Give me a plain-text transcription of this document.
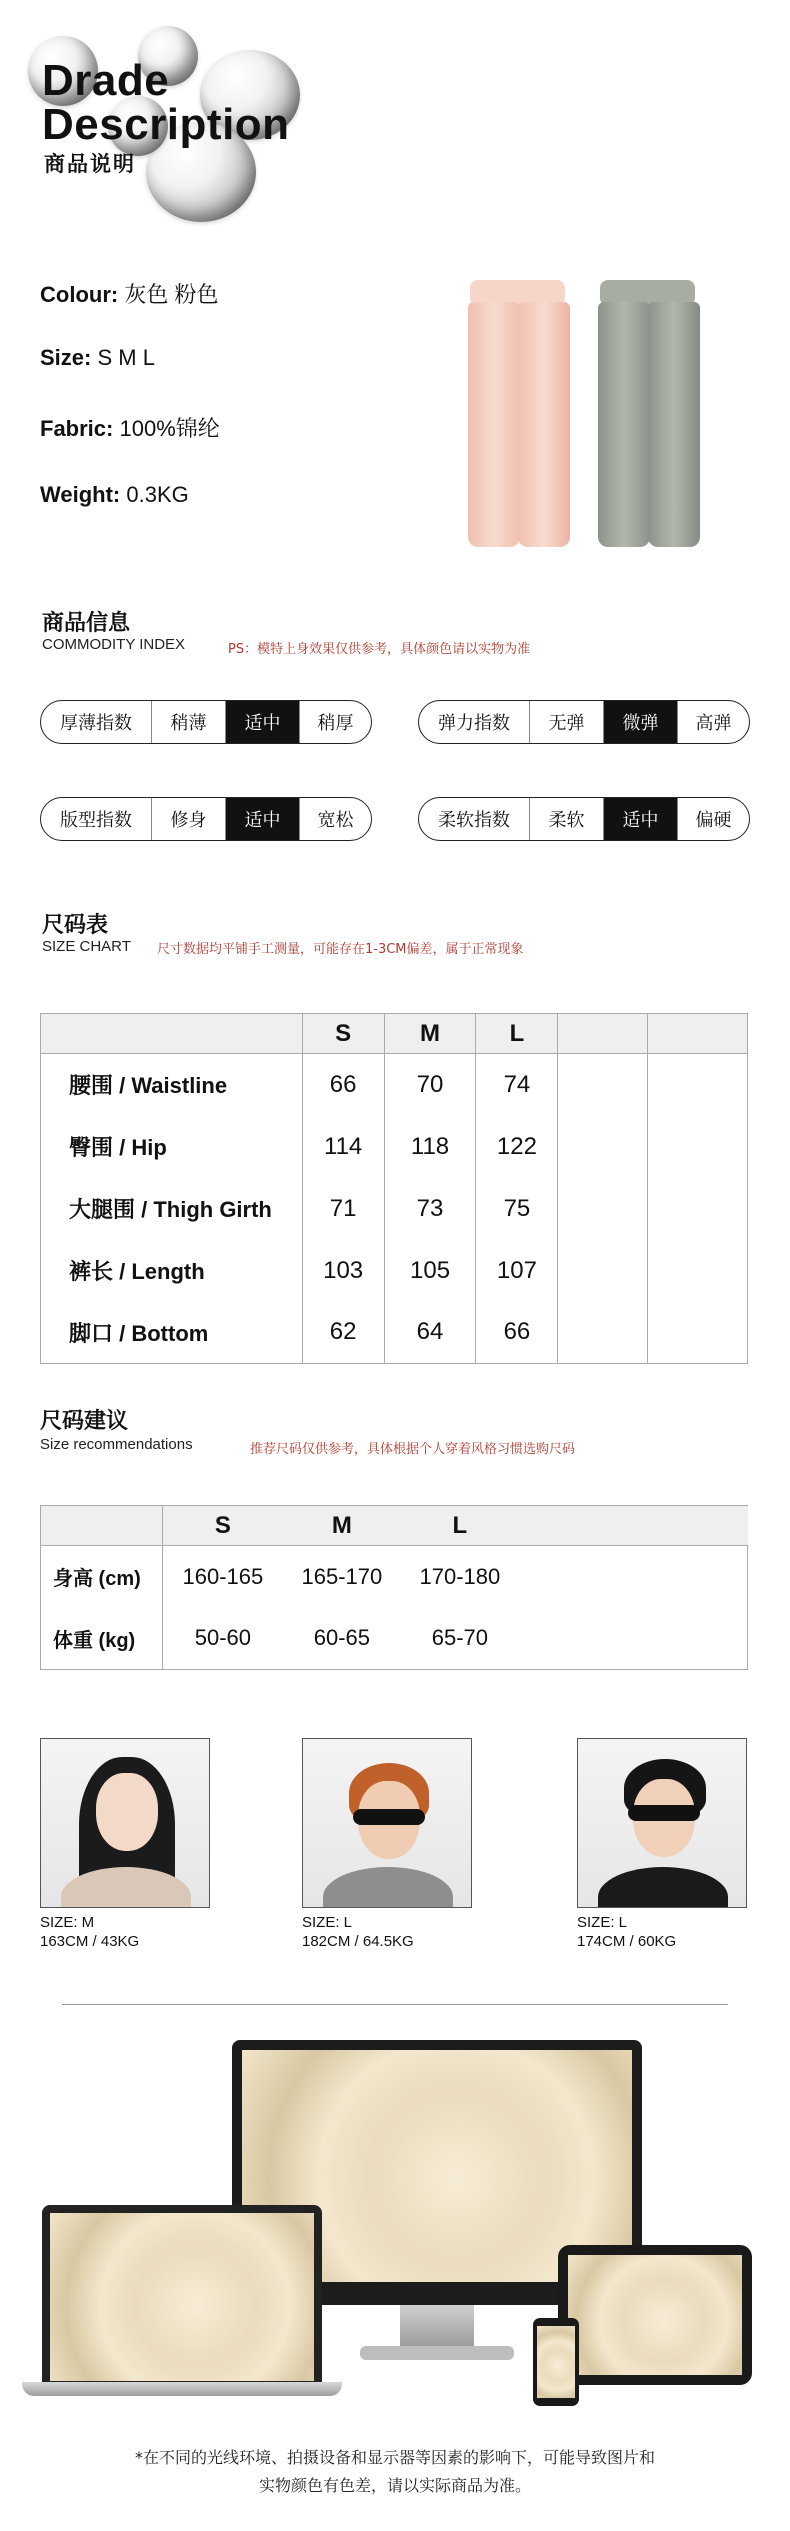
Drade
Description
商品说明
Colour: 灰色 粉色
Size: S M L
Fabric: 100%锦纶
Weight: 0.3KG
商品信息
COMMODITY INDEX	PS：模特上身效果仅供参考，具体颜色请以实物为准
厚薄指数	稍薄	适中	稍厚	弹力指数	无弹	微弹	高弹
版型指数	修身	适中	宽松	柔软指数	柔软	适中	偏硬
尺码表
SIZE CHART 尺寸数据均平铺手工测量，可能存在1-3CM偏差，属于正常现象
	S	M	L		
腰围 / Waistline	66	70	74		
臀围 / Hip	114	118	122		
大腿围 / Thigh Girth	71	73	75		
裤长 / Length	103	105	107		
脚口 / Bottom	62	64	66		
尺码建议
Size recommendations	推荐尺码仅供参考，具体根据个人穿着风格习惯选购尺码
	S M L
身高 (cm)	160-165 165-170 170-180
体重 (kg)	50-60 60-65 65-70
SIZE: M
163CM / 43KG
SIZE: L
182CM / 64.5KG
SIZE: L
174CM / 60KG
*在不同的光线环境、拍摄设备和显示器等因素的影响下，可能导致图片和
实物颜色有色差，请以实际商品为准。
